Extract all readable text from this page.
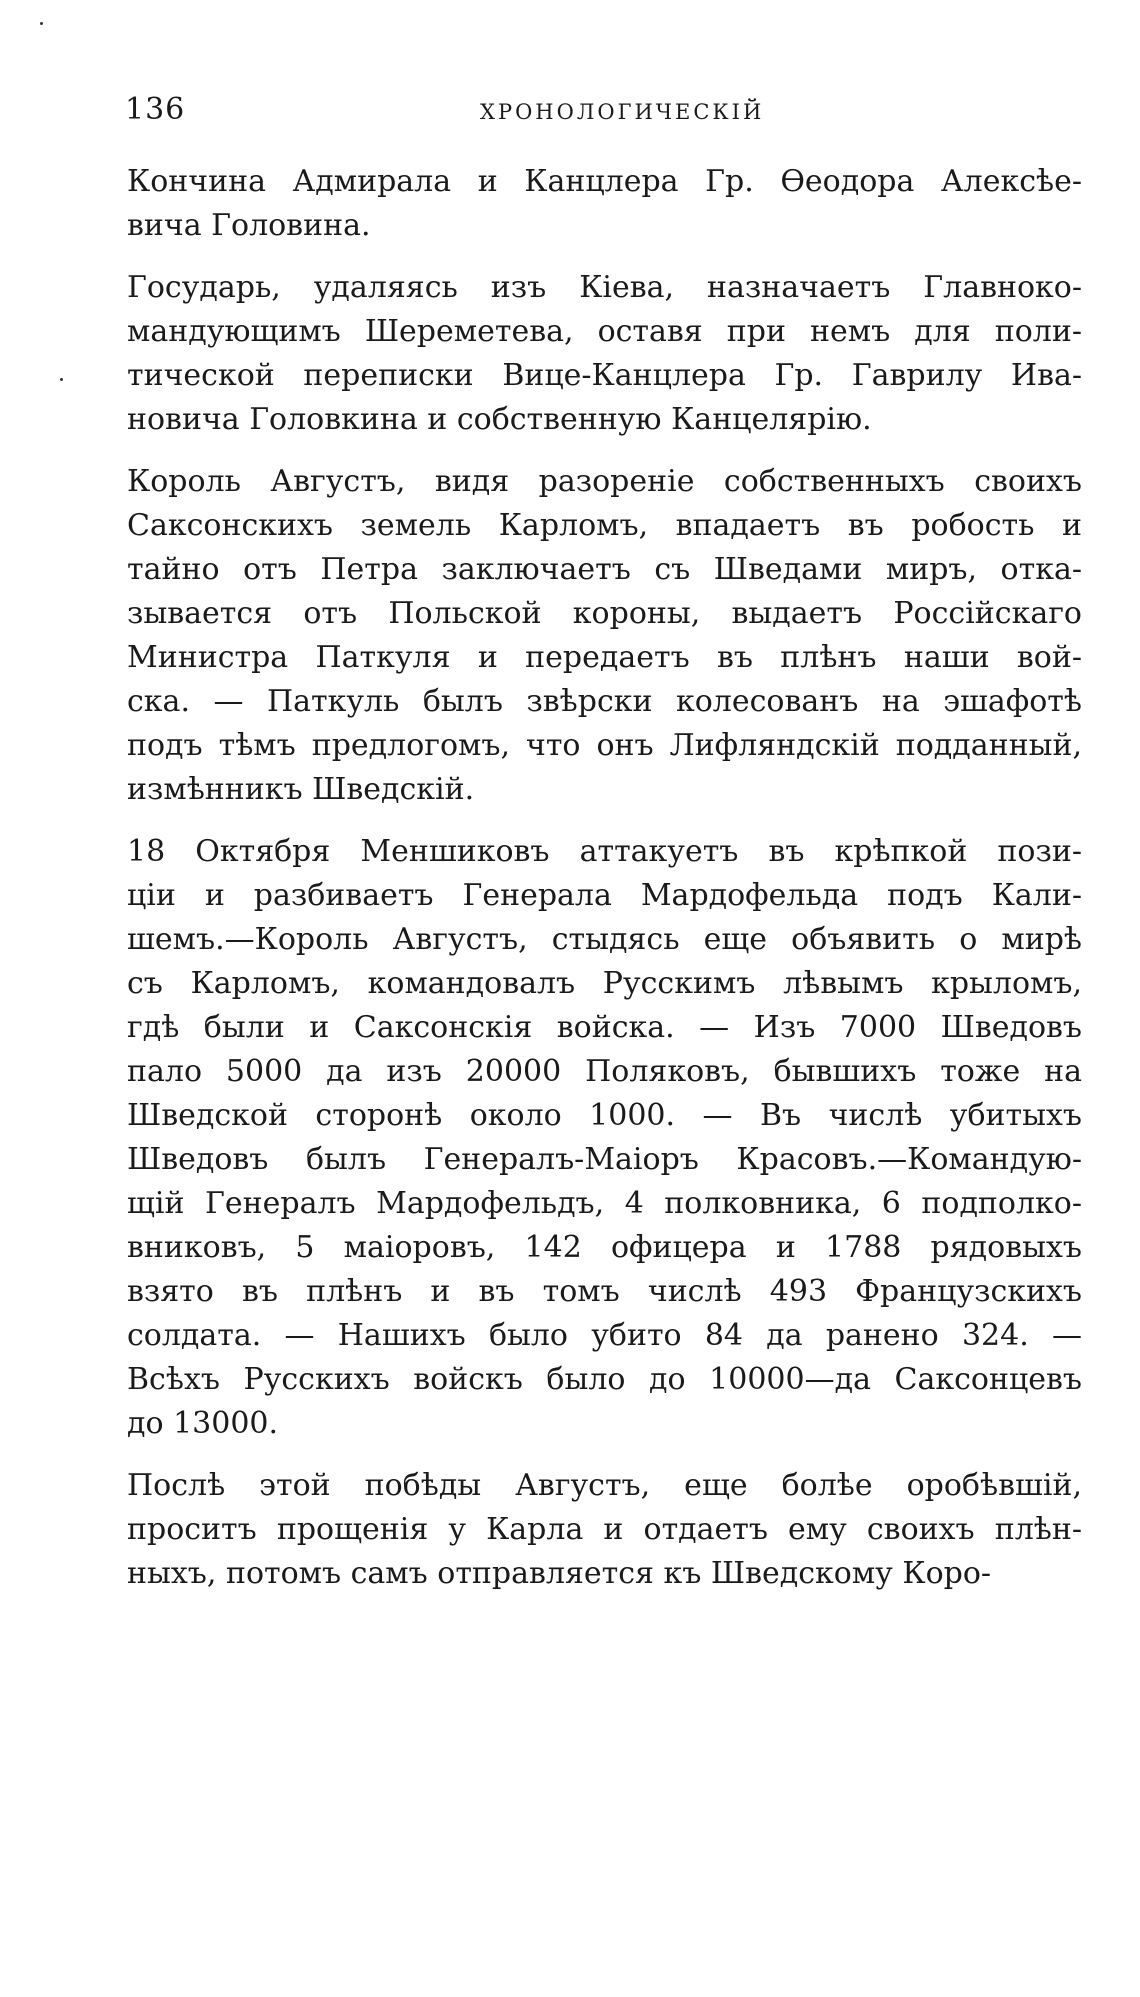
136	ХРОНОЛОГИЧЕСКІЙ
Кончина Адмирала и Канцлера Гр. Ѳеодора Алексѣе-
вича Головина.
Государь, удаляясь изъ Кіева, назначаетъ Главноко-
мандующимъ Шереметева, оставя при немъ для поли-
тической переписки Вице-Канцлера Гр. Гаврилу Ива-
новича Головкина и собственную Канцелярію.
Король Августъ, видя разореніе собственныхъ своихъ
Саксонскихъ земель Карломъ, впадаетъ въ робость и
тайно отъ Петра заключаетъ съ Шведами миръ, отка-
зывается отъ Польской короны, выдаетъ Россійскаго
Министра Паткуля и передаетъ въ плѣнъ наши вой-
ска. — Паткуль былъ звѣрски колесованъ на эшафотѣ
подъ тѣмъ предлогомъ, что онъ Лифляндскій подданный,
измѣнникъ Шведскій.
18 Октября Меншиковъ аттакуетъ въ крѣпкой пози-
ціи и разбиваетъ Генерала Мардофельда подъ Кали-
шемъ.—Король Августъ, стыдясь еще объявить о мирѣ
съ Карломъ, командовалъ Русскимъ лѣвымъ крыломъ,
гдѣ были и Саксонскія войска. — Изъ 7000 Шведовъ
пало 5000 да изъ 20000 Поляковъ, бывшихъ тоже на
Шведской сторонѣ около 1000. — Въ числѣ убитыхъ
Шведовъ былъ Генералъ-Маіоръ Красовъ.—Командую-
щій Генералъ Мардофельдъ, 4 полковника, 6 подполко-
вниковъ, 5 маіоровъ, 142 офицера и 1788 рядовыхъ
взято въ плѣнъ и въ томъ числѣ 493 Французскихъ
солдата. — Нашихъ было убито 84 да ранено 324. —
Всѣхъ Русскихъ войскъ было до 10000—да Саксонцевъ
до 13000.
Послѣ этой побѣды Августъ, еще болѣе оробѣвшій,
проситъ прощенія у Карла и отдаетъ ему своихъ плѣн-
ныхъ, потомъ самъ отправляется къ Шведскому Коро-
